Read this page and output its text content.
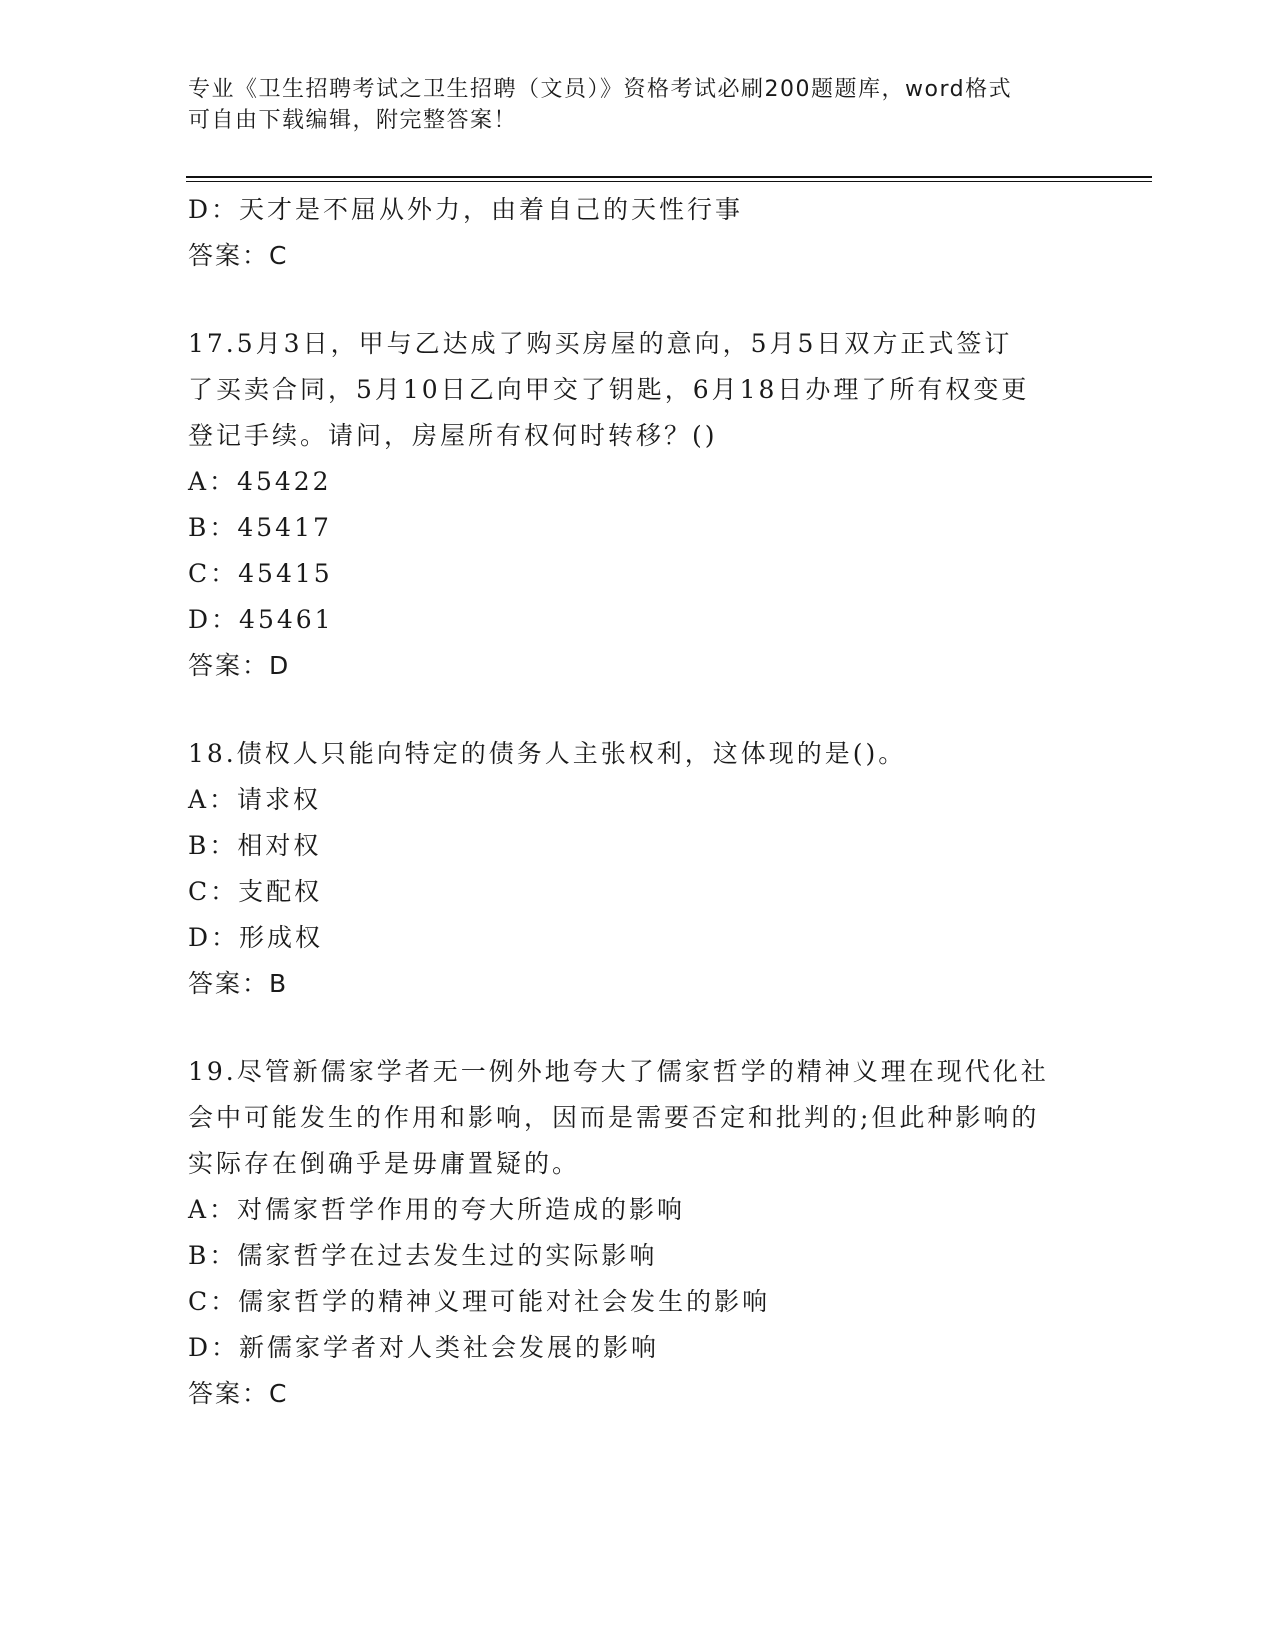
专业《卫生招聘考试之卫生招聘（文员）》资格考试必刷200题题库，word格式
可自由下载编辑，附完整答案！
D：天才是不屈从外力，由着自己的天性行事
答案：C
17.5月3日，甲与乙达成了购买房屋的意向，5月5日双方正式签订
了买卖合同，5月10日乙向甲交了钥匙，6月18日办理了所有权变更
登记手续。请问，房屋所有权何时转移？()
A：45422
B：45417
C：45415
D：45461
答案：D
18.债权人只能向特定的债务人主张权利，这体现的是()。
A：请求权
B：相对权
C：支配权
D：形成权
答案：B
19.尽管新儒家学者无一例外地夸大了儒家哲学的精神义理在现代化社
会中可能发生的作用和影响，因而是需要否定和批判的;但此种影响的
实际存在倒确乎是毋庸置疑的。
A：对儒家哲学作用的夸大所造成的影响
B：儒家哲学在过去发生过的实际影响
C：儒家哲学的精神义理可能对社会发生的影响
D：新儒家学者对人类社会发展的影响
答案：C
